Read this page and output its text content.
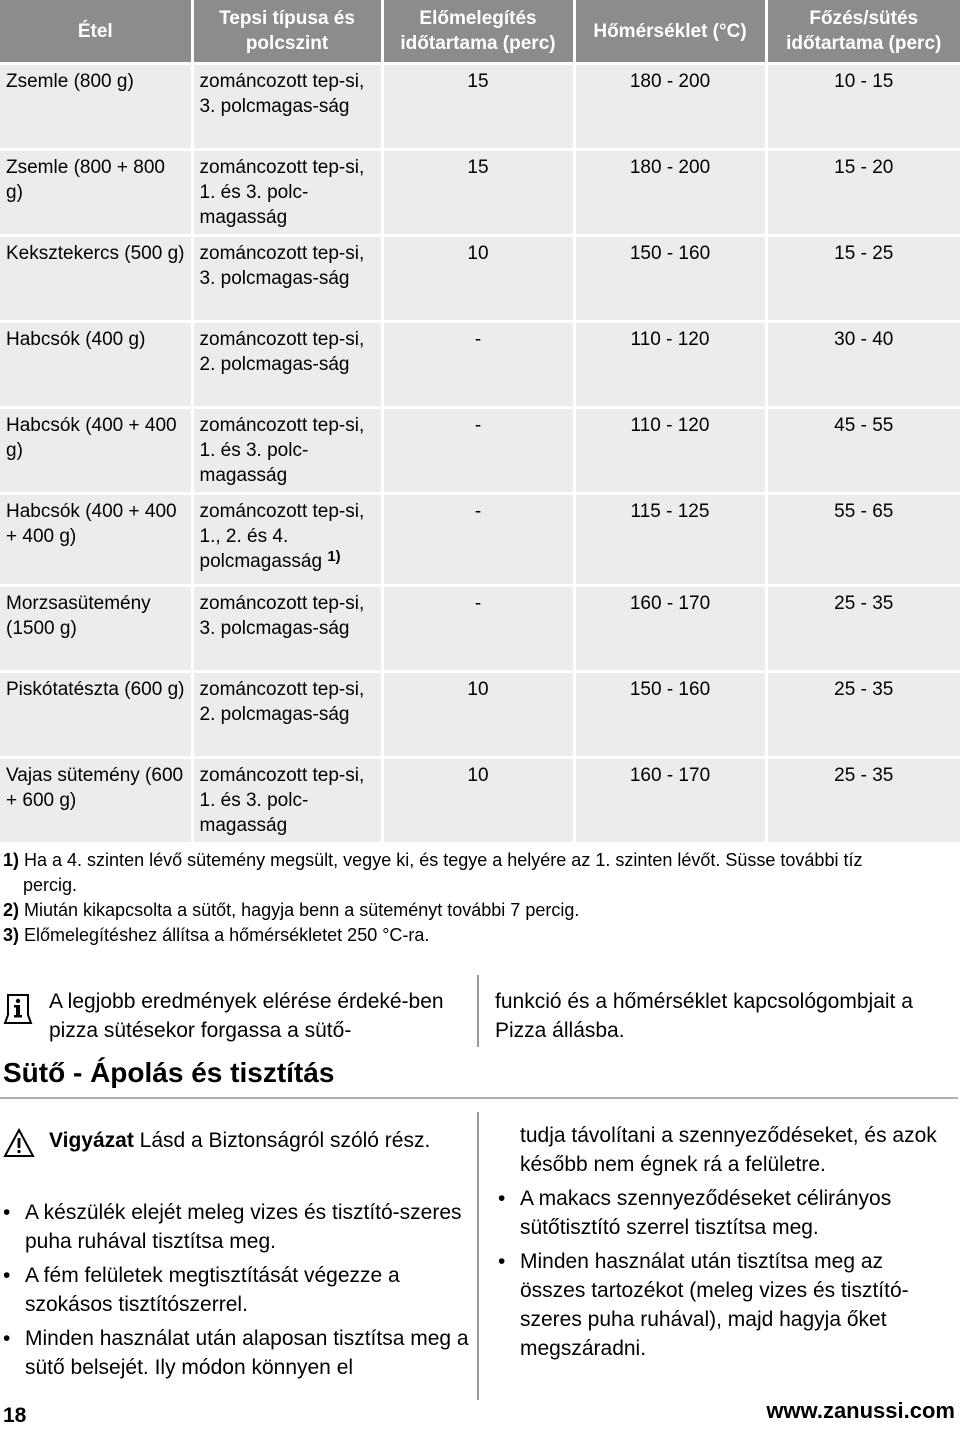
Étel	Tepsi típusa és polcszint	Előmelegítés időtartama (perc)	Hőmérséklet (°C)	Főzés/sütés időtartama (perc)
Zsemle (800 g)	zománcozott tep-si, 3. polcmagas-ság	15	180 - 200	10 - 15
Zsemle (800 + 800 g)	zománcozott tep-si, 1. és 3. polc-magasság	15	180 - 200	15 - 20
Keksztekercs (500 g)	zománcozott tep-si, 3. polcmagas-ság	10	150 - 160	15 - 25
Habcsók (400 g)	zománcozott tep-si, 2. polcmagas-ság	-	110 - 120	30 - 40
Habcsók (400 + 400 g)	zománcozott tep-si, 1. és 3. polc-magasság	-	110 - 120	45 - 55
Habcsók (400 + 400 + 400 g)	zománcozott tep-si, 1., 2. és 4. polcmagasság $^{1)}$	-	115 - 125	55 - 65
Morzsasütemény (1500 g)	zománcozott tep-si, 3. polcmagas-ság	-	160 - 170	25 - 35
Piskótatészta (600 g)	zománcozott tep-si, 2. polcmagas-ság	10	150 - 160	25 - 35
Vajas sütemény (600 + 600 g)	zománcozott tep-si, 1. és 3. polc-magasság	10	160 - 170	25 - 35
1) Ha a 4. szinten lévő sütemény megsült, vegye ki, és tegye a helyére az 1. szinten lévőt. Süsse további tíz percig.
2) Miután kikapcsolta a sütőt, hagyja benn a süteményt további 7 percig.
3) Előmelegítéshez állítsa a hőmérsékletet 250 °C-ra.
A legjobb eredmények elérése érdeké-ben pizza sütésekor forgassa a sütő-
funkció és a hőmérséklet kapcsológombjait a Pizza állásba.
Sütő - Ápolás és tisztítás
Vigyázat Lásd a Biztonságról szóló rész.
• A készülék elejét meleg vizes és tisztító-szeres puha ruhával tisztítsa meg.
• A fém felületek megtisztítását végezze a szokásos tisztítószerrel.
• Minden használat után alaposan tisztítsa meg a sütő belsejét. Ily módon könnyen el
tudja távolítani a szennyeződéseket, és azok később nem égnek rá a felületre.
• A makacs szennyeződéseket célirányos sütőtisztító szerrel tisztítsa meg.
• Minden használat után tisztítsa meg az összes tartozékot (meleg vizes és tisztító-szeres puha ruhával), majd hagyja őket megszáradni.
18	www.zanussi.com
